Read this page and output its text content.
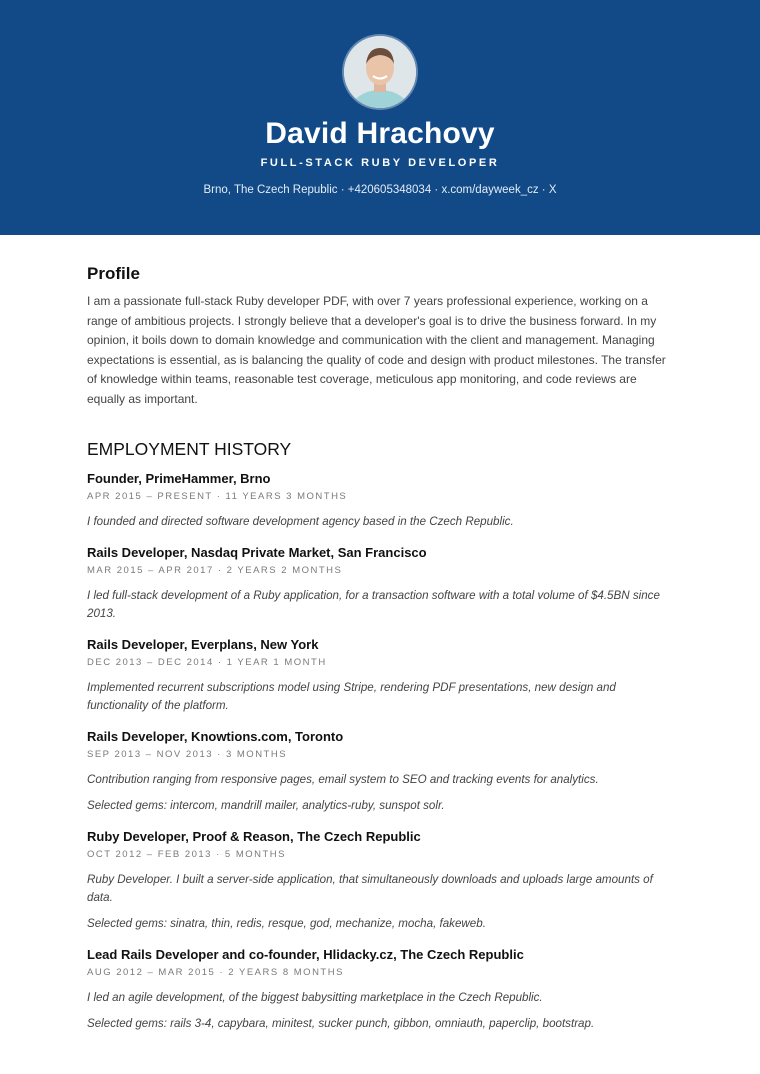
David Hrachovy
FULL-STACK RUBY DEVELOPER
Brno, The Czech Republic · +420605348034 · x.com/dayweek_cz · X
Profile

I am a passionate full-stack Ruby developer PDF, with over 7 years professional experience, working on a range of ambitious projects. I strongly believe that a developer's goal is to drive the business forward. In my opinion, it boils down to domain knowledge and communication with the client and management. Managing expectations is essential, as is balancing the quality of code and design with product milestones. The transfer of knowledge within teams, reasonable test coverage, meticulous app monitoring, and code reviews are equally as important.

EMPLOYMENT HISTORY
Founder, PrimeHammer, Brno
APR 2015 – PRESENT · 11 YEARS 3 MONTHS
I founded and directed software development agency based in the Czech Republic.
Rails Developer, Nasdaq Private Market, San Francisco
MAR 2015 – APR 2017 · 2 YEARS 2 MONTHS
I led full-stack development of a Ruby application, for a transaction software with a total volume of $4.5BN since 2013.
Rails Developer, Everplans, New York
DEC 2013 – DEC 2014 · 1 YEAR 1 MONTH
Implemented recurrent subscriptions model using Stripe, rendering PDF presentations, new design and functionality of the platform.
Rails Developer, Knowtions.com, Toronto
SEP 2013 – NOV 2013 · 3 MONTHS
Contribution ranging from responsive pages, email system to SEO and tracking events for analytics.
Selected gems: intercom, mandrill mailer, analytics-ruby, sunspot solr.
Ruby Developer, Proof & Reason, The Czech Republic
OCT 2012 – FEB 2013 · 5 MONTHS
Ruby Developer. I built a server-side application, that simultaneously downloads and uploads large amounts of data.
Selected gems: sinatra, thin, redis, resque, god, mechanize, mocha, fakeweb.
Lead Rails Developer and co-founder, Hlidacky.cz, The Czech Republic
AUG 2012 – MAR 2015 · 2 YEARS 8 MONTHS
I led an agile development, of the biggest babysitting marketplace in the Czech Republic.
Selected gems: rails 3-4, capybara, minitest, sucker punch, gibbon, omniauth, paperclip, bootstrap.
